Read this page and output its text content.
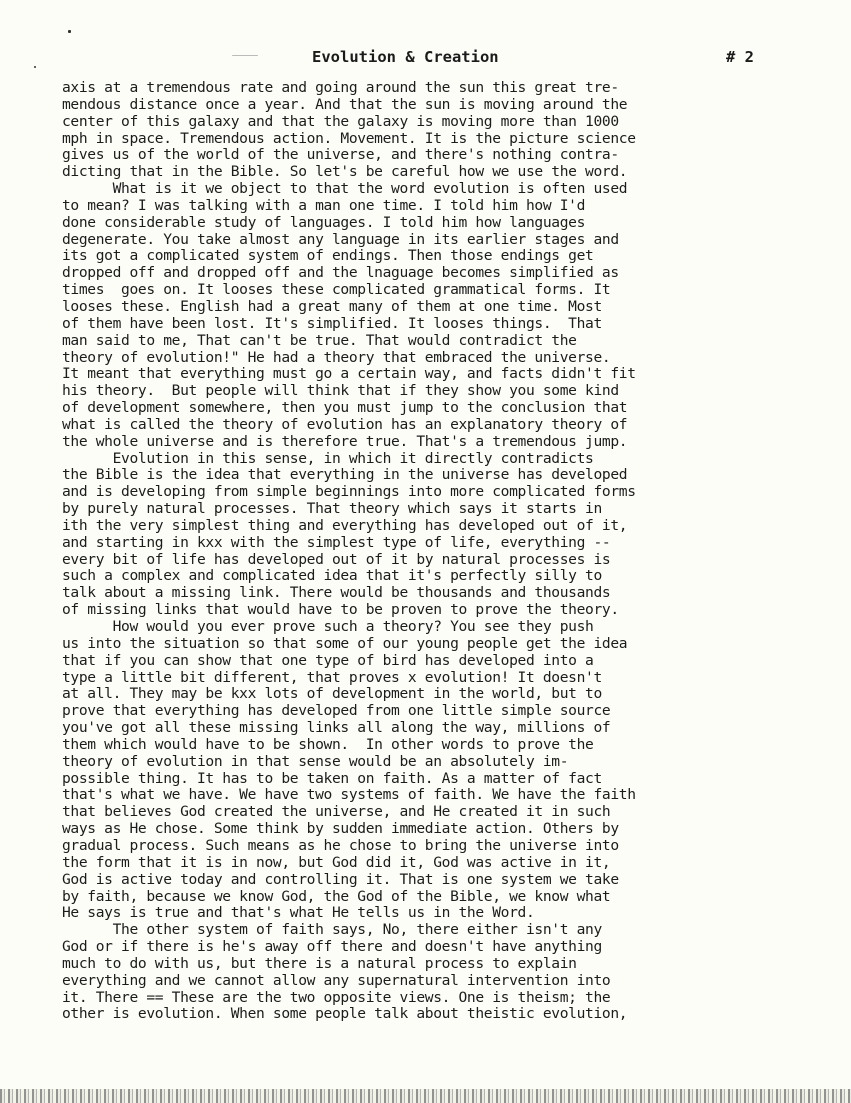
Evolution & Creation	# 2
axis at a tremendous rate and going around the sun this great tre-
mendous distance once a year. And that the sun is moving around the
center of this galaxy and that the galaxy is moving more than 1000
mph in space. Tremendous action. Movement. It is the picture science
gives us of the world of the universe, and there's nothing contra-
dicting that in the Bible. So let's be careful how we use the word.
What is it we object to that the word evolution is often used
to mean? I was talking with a man one time. I told him how I'd
done considerable study of languages. I told him how languages
degenerate. You take almost any language in its earlier stages and
its got a complicated system of endings. Then those endings get
dropped off and dropped off and the lnaguage becomes simplified as
times  goes on. It looses these complicated grammatical forms. It
looses these. English had a great many of them at one time. Most
of them have been lost. It's simplified. It looses things.  That
man said to me, That can't be true. That would contradict the
theory of evolution!" He had a theory that embraced the universe.
It meant that everything must go a certain way, and facts didn't fit
his theory.  But people will think that if they show you some kind
of development somewhere, then you must jump to the conclusion that
what is called the theory of evolution has an explanatory theory of
the whole universe and is therefore true. That's a tremendous jump.
Evolution in this sense, in which it directly contradicts
the Bible is the idea that everything in the universe has developed
and is developing from simple beginnings into more complicated forms
by purely natural processes. That theory which says it starts in
ith the very simplest thing and everything has developed out of it,
and starting in kxx with the simplest type of life, everything --
every bit of life has developed out of it by natural processes is
such a complex and complicated idea that it's perfectly silly to
talk about a missing link. There would be thousands and thousands
of missing links that would have to be proven to prove the theory.
How would you ever prove such a theory? You see they push
us into the situation so that some of our young people get the idea
that if you can show that one type of bird has developed into a
type a little bit different, that proves x evolution! It doesn't
at all. They may be kxx lots of development in the world, but to
prove that everything has developed from one little simple source
you've got all these missing links all along the way, millions of
them which would have to be shown.  In other words to prove the
theory of evolution in that sense would be an absolutely im-
possible thing. It has to be taken on faith. As a matter of fact
that's what we have. We have two systems of faith. We have the faith
that believes God created the universe, and He created it in such
ways as He chose. Some think by sudden immediate action. Others by
gradual process. Such means as he chose to bring the universe into
the form that it is in now, but God did it, God was active in it,
God is active today and controlling it. That is one system we take
by faith, because we know God, the God of the Bible, we know what
He says is true and that's what He tells us in the Word.
The other system of faith says, No, there either isn't any
God or if there is he's away off there and doesn't have anything
much to do with us, but there is a natural process to explain
everything and we cannot allow any supernatural intervention into
it. There == These are the two opposite views. One is theism; the
other is evolution. When some people talk about theistic evolution,
